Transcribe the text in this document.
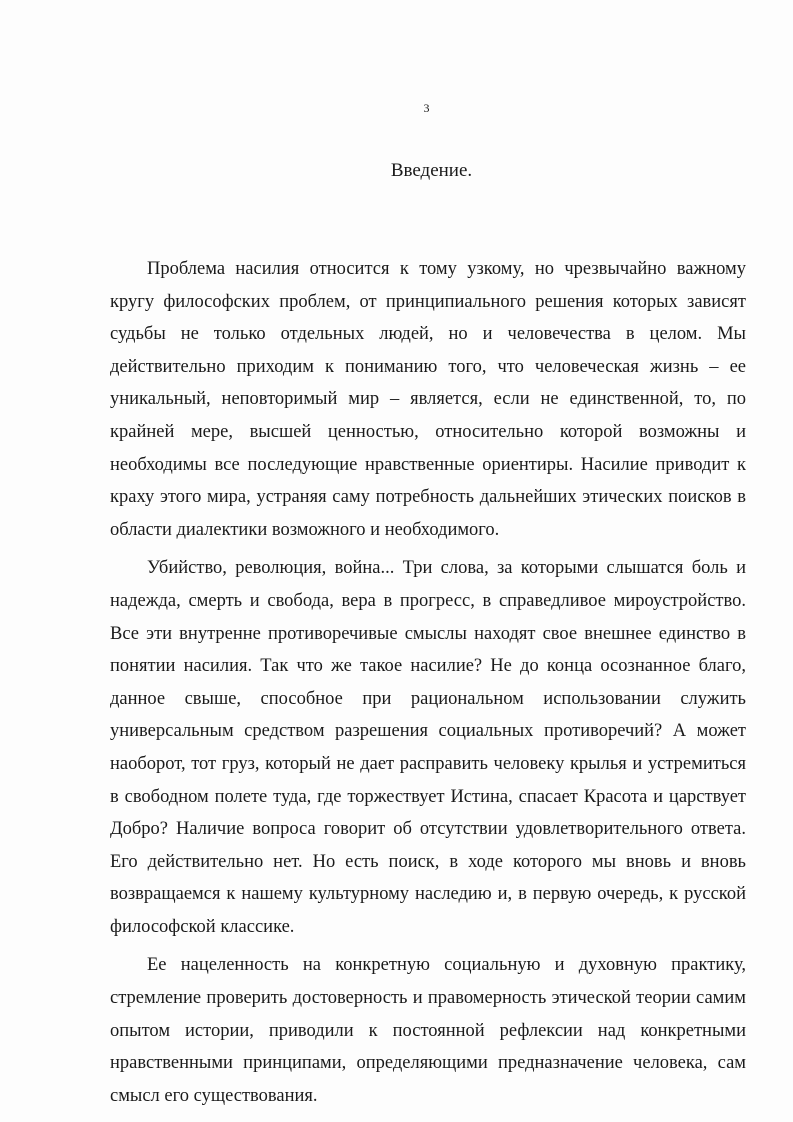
3
Введение.

Проблема насилия относится к тому узкому, но чрезвычайно важному кругу философских проблем, от принципиального решения которых зависят судьбы не только отдельных людей, но и человечества в целом. Мы действительно приходим к пониманию того, что человеческая жизнь – ее уникальный, неповторимый мир – является, если не единственной, то, по крайней мере, высшей ценностью, относительно которой возможны и необходимы все последующие нравственные ориентиры. Насилие приводит к краху этого мира, устраняя саму потребность дальнейших этических поисков в области диалектики возможного и необходимого.

Убийство, революция, война... Три слова, за которыми слышатся боль и надежда, смерть и свобода, вера в прогресс, в справедливое мироустройство. Все эти внутренне противоречивые смыслы находят свое внешнее единство в понятии насилия. Так что же такое насилие? Не до конца осознанное благо, данное свыше, способное при рациональном использовании служить универсальным средством разрешения социальных противоречий? А может наоборот, тот груз, который не дает расправить человеку крылья и устремиться в свободном полете туда, где торжествует Истина, спасает Красота и царствует Добро? Наличие вопроса говорит об отсутствии удовлетворительного ответа. Его действительно нет. Но есть поиск, в ходе которого мы вновь и вновь возвращаемся к нашему культурному наследию и, в первую очередь, к русской философской классике.

Ее нацеленность на конкретную социальную и духовную практику, стремление проверить достоверность и правомерность этической теории самим опытом истории, приводили к постоянной рефлексии над конкретными нравственными принципами, определяющими предназначение человека, сам смысл его существования.
